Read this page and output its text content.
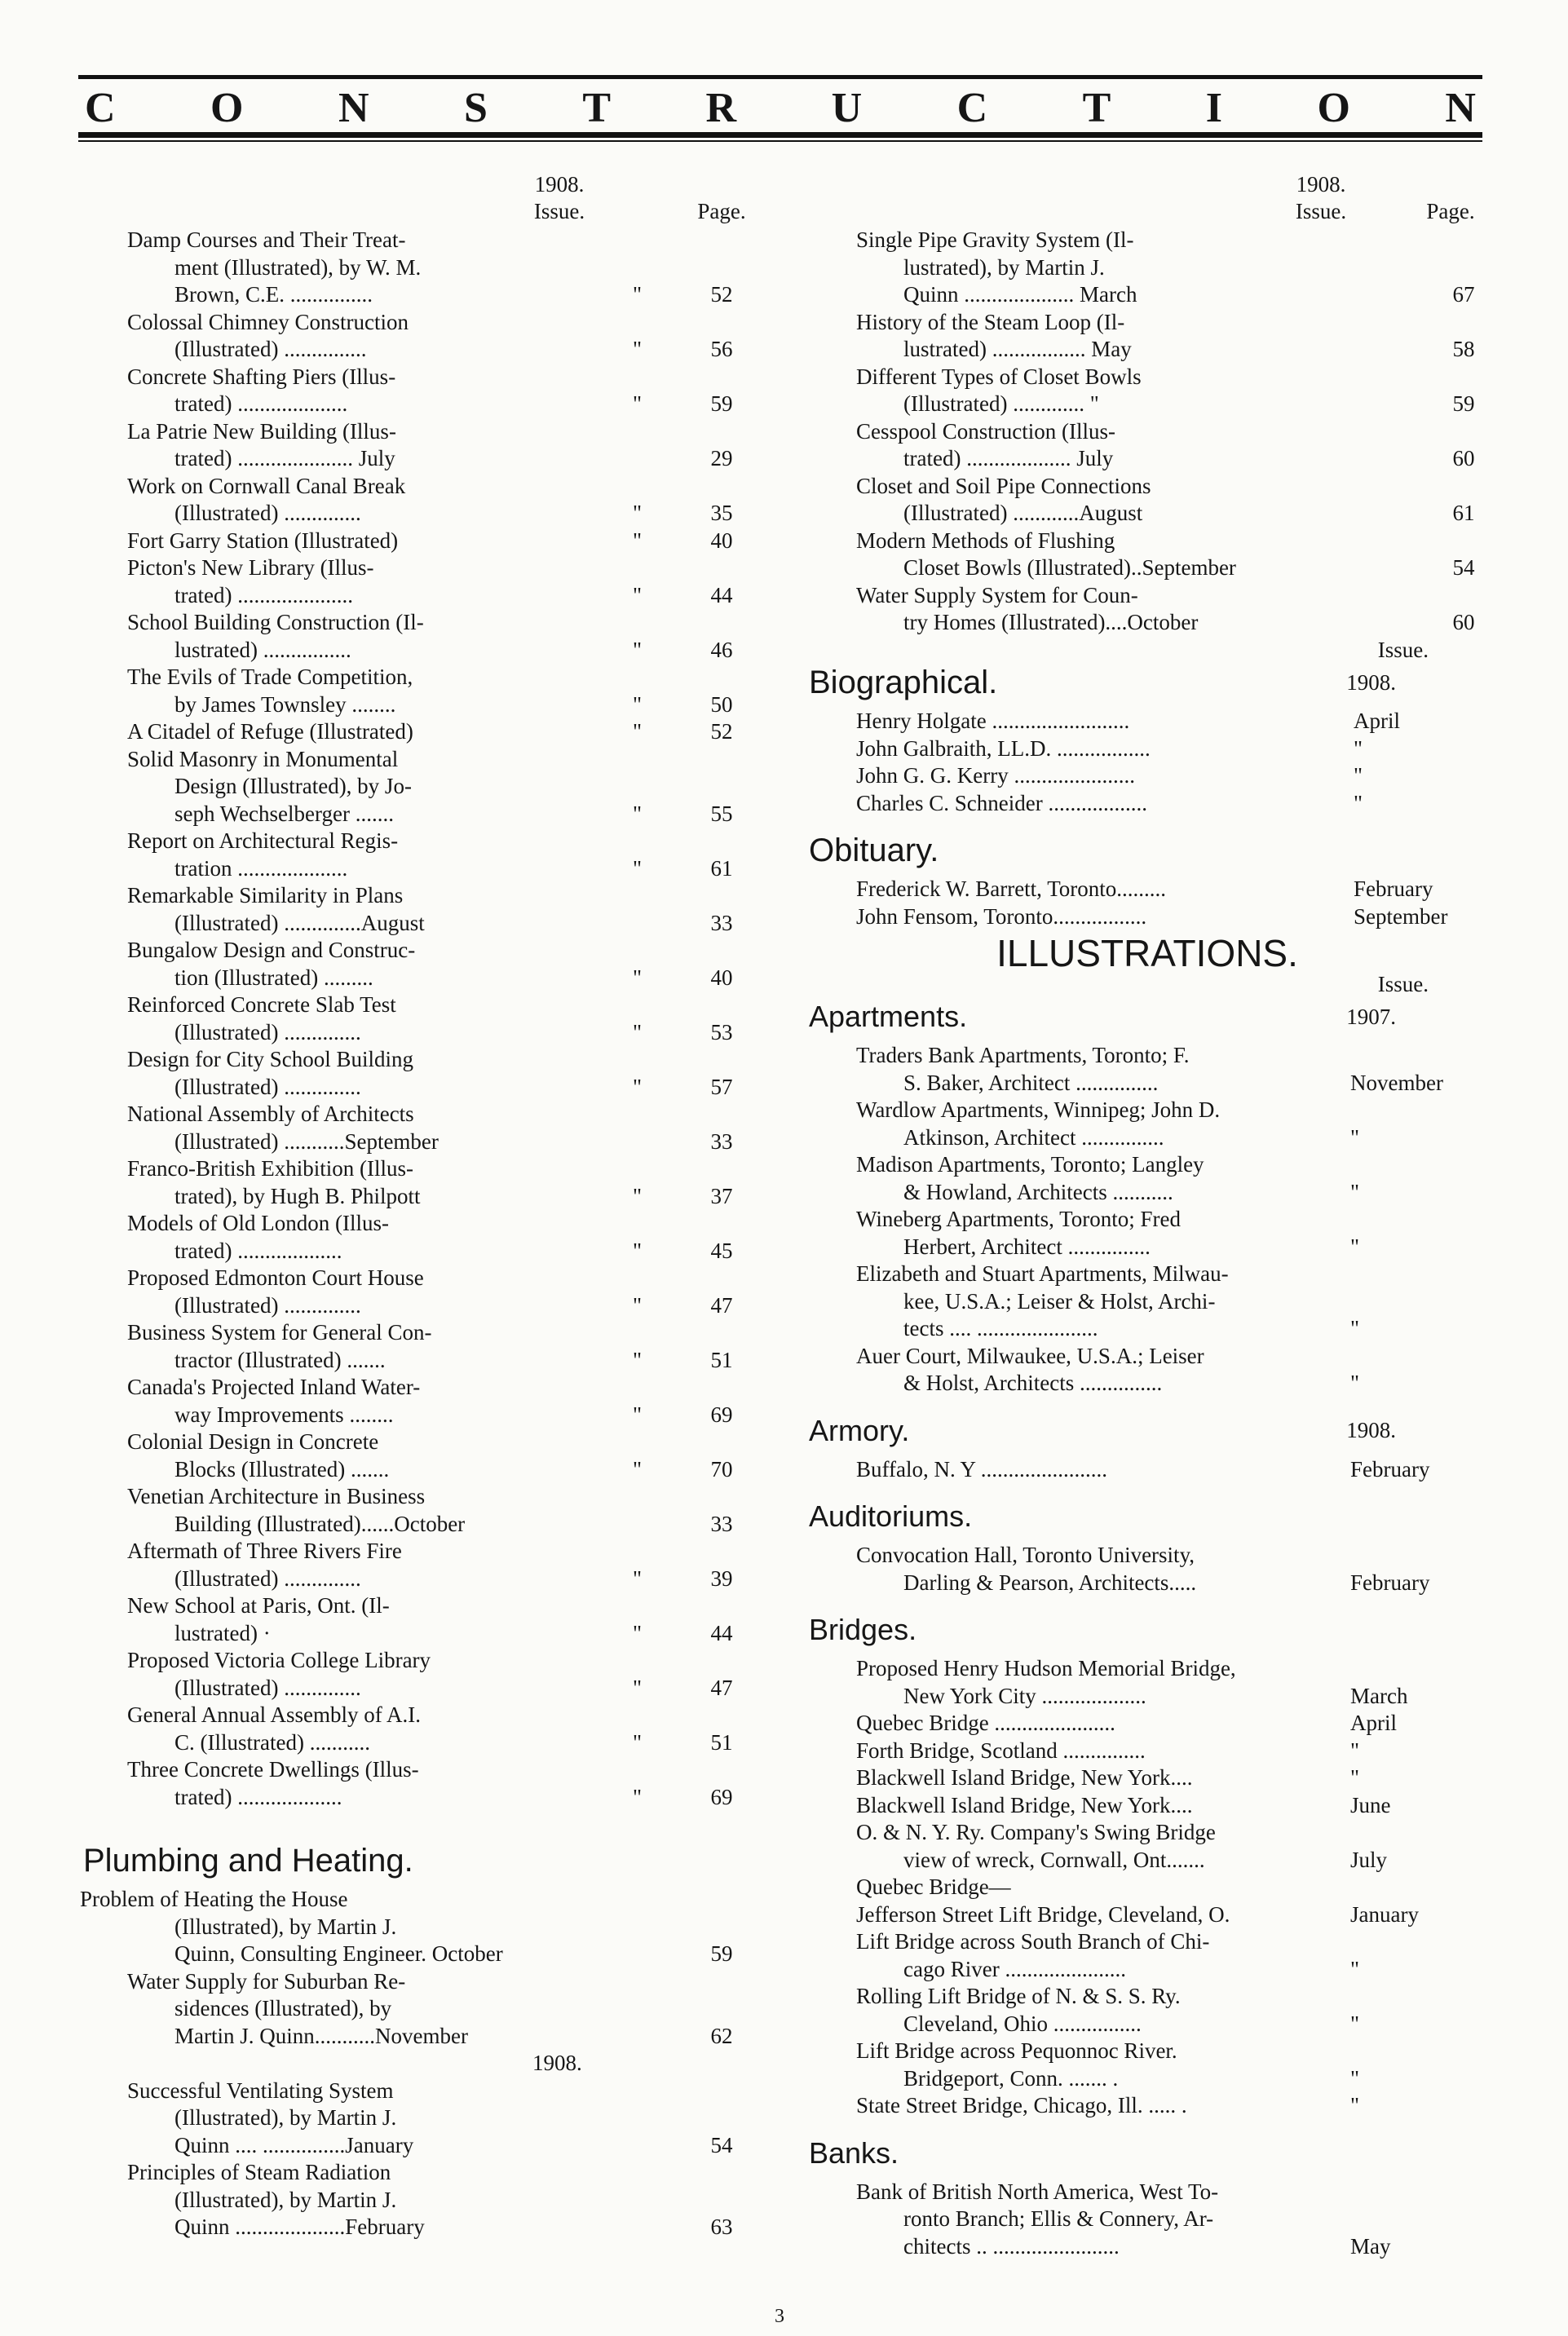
C O N S T R U C T I O N
1908.
Issue.	Page.
Damp Courses and Their Treat-
ment (Illustrated), by W. M.
Brown, C.E. ...............	"	52
Colossal Chimney Construction
(Illustrated) ...............	"	56
Concrete Shafting Piers (Illus-
trated) ....................	"	59
La Patrie New Building (Illus-
trated) ..................... July	29
Work on Cornwall Canal Break
(Illustrated) ..............	"	35
Fort Garry Station (Illustrated)	"	40
Picton's New Library (Illus-
trated) .....................	"	44
School Building Construction (Il-
lustrated) ................	"	46
The Evils of Trade Competition,
by James Townsley ........	"	50
A Citadel of Refuge (Illustrated)	"	52
Solid Masonry in Monumental
Design (Illustrated), by Jo-
seph Wechselberger .......	"	55
Report on Architectural Regis-
tration ....................	"	61
Remarkable Similarity in Plans
(Illustrated) ..............August	33
Bungalow Design and Construc-
tion (Illustrated) .........	"	40
Reinforced Concrete Slab Test
(Illustrated) ..............	"	53
Design for City School Building
(Illustrated) ..............	"	57
National Assembly of Architects
(Illustrated) ...........September	33
Franco-British Exhibition (Illus-
trated), by Hugh B. Philpott	"	37
Models of Old London (Illus-
trated) ...................	"	45
Proposed Edmonton Court House
(Illustrated) ..............	"	47
Business System for General Con-
tractor (Illustrated) .......	"	51
Canada's Projected Inland Water-
way Improvements ........	"	69
Colonial Design in Concrete
Blocks (Illustrated) .......	"	70
Venetian Architecture in Business
Building (Illustrated)......October	33
Aftermath of Three Rivers Fire
(Illustrated) ..............	"	39
New School at Paris, Ont. (Il-
lustrated) ·	"	44
Proposed Victoria College Library
(Illustrated) ..............	"	47
General Annual Assembly of A.I.
C. (Illustrated) ...........	"	51
Three Concrete Dwellings (Illus-
trated) ...................	"	69
Plumbing and Heating.
Problem of Heating the House
(Illustrated), by Martin J.
Quinn, Consulting Engineer. October	59
Water Supply for Suburban Re-
sidences (Illustrated), by
Martin J. Quinn...........November	62
1908.
Successful Ventilating System
(Illustrated), by Martin J.
Quinn .... ...............January	54
Principles of Steam Radiation
(Illustrated), by Martin J.
Quinn ....................February	63
1908.
Issue.	Page.
Single Pipe Gravity System (Il-
lustrated), by Martin J.
Quinn .................... March	67
History of the Steam Loop (Il-
lustrated) ................. May	58
Different Types of Closet Bowls
(Illustrated) ............. "	59
Cesspool Construction (Illus-
trated) ................... July	60
Closet and Soil Pipe Connections
(Illustrated) ............August	61
Modern Methods of Flushing
Closet Bowls (Illustrated)..September	54
Water Supply System for Coun-
try Homes (Illustrated)....October	60
Issue.
Biographical.	1908.
Henry Holgate .........................	April
John Galbraith, LL.D. .................	"
John G. G. Kerry ......................	"
Charles C. Schneider ..................	"
Obituary.
Frederick W. Barrett, Toronto.........	February
John Fensom, Toronto.................	September
ILLUSTRATIONS.
Issue.
Apartments.	1907.
Traders Bank Apartments, Toronto; F.
S. Baker, Architect ...............	November
Wardlow Apartments, Winnipeg; John D.
Atkinson, Architect ...............	"
Madison Apartments, Toronto; Langley
& Howland, Architects ...........	"
Wineberg Apartments, Toronto; Fred
Herbert, Architect ...............	"
Elizabeth and Stuart Apartments, Milwau-
kee, U.S.A.; Leiser & Holst, Archi-
tects .... ......................	"
Auer Court, Milwaukee, U.S.A.; Leiser
& Holst, Architects ...............	"
Armory.	1908.
Buffalo, N. Y .......................	February
Auditoriums.
Convocation Hall, Toronto University,
Darling & Pearson, Architects.....	February
Bridges.
Proposed Henry Hudson Memorial Bridge,
New York City ...................	March
Quebec Bridge ......................	April
Forth Bridge, Scotland ...............	"
Blackwell Island Bridge, New York....	"
Blackwell Island Bridge, New York....	June
O. & N. Y. Ry. Company's Swing Bridge
view of wreck, Cornwall, Ont.......	July
Quebec Bridge—
Jefferson Street Lift Bridge, Cleveland, O.	January
Lift Bridge across South Branch of Chi-
cago River ......................	"
Rolling Lift Bridge of N. & S. S. Ry.
Cleveland, Ohio ................	"
Lift Bridge across Pequonnoc River.
Bridgeport, Conn. ....... .	"
State Street Bridge, Chicago, Ill. ..... .	"
Banks.
Bank of British North America, West To-
ronto Branch; Ellis & Connery, Ar-
chitects .. .......................	May
3
